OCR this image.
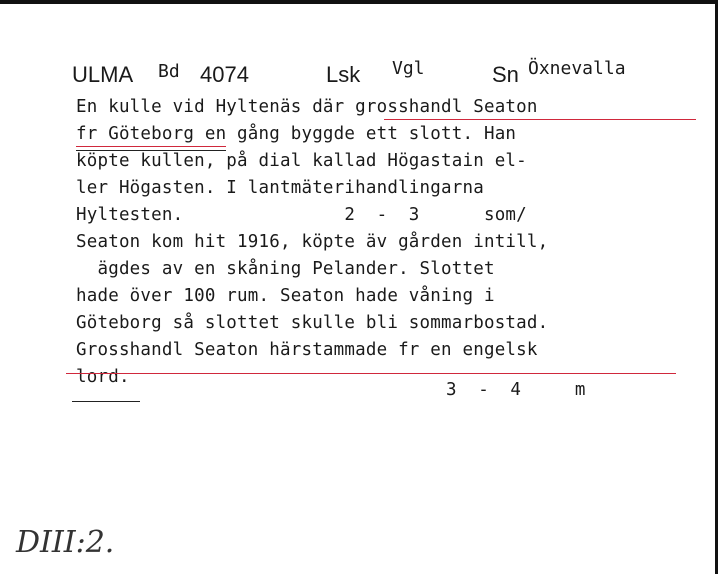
ULMA Bd 4074	Lsk Vgl	Sn Öxnevalla
En kulle vid Hyltenäs där grosshandl Seaton
fr Göteborg en gång byggde ett slott. Han
köpte kullen, på dial kallad Högastain el-
ler Högasten. I lantmäterihandlingarna
Hyltesten.               2  -  3      som/
Seaton kom hit 1916, köpte äv gården intill,
ägdes av en skåning Pelander. Slottet
hade över 100 rum. Seaton hade våning i
Göteborg så slottet skulle bli sommarbostad.
Grosshandl Seaton härstammade fr en engelsk
lord.
3  -  4     m
DIII:2.
